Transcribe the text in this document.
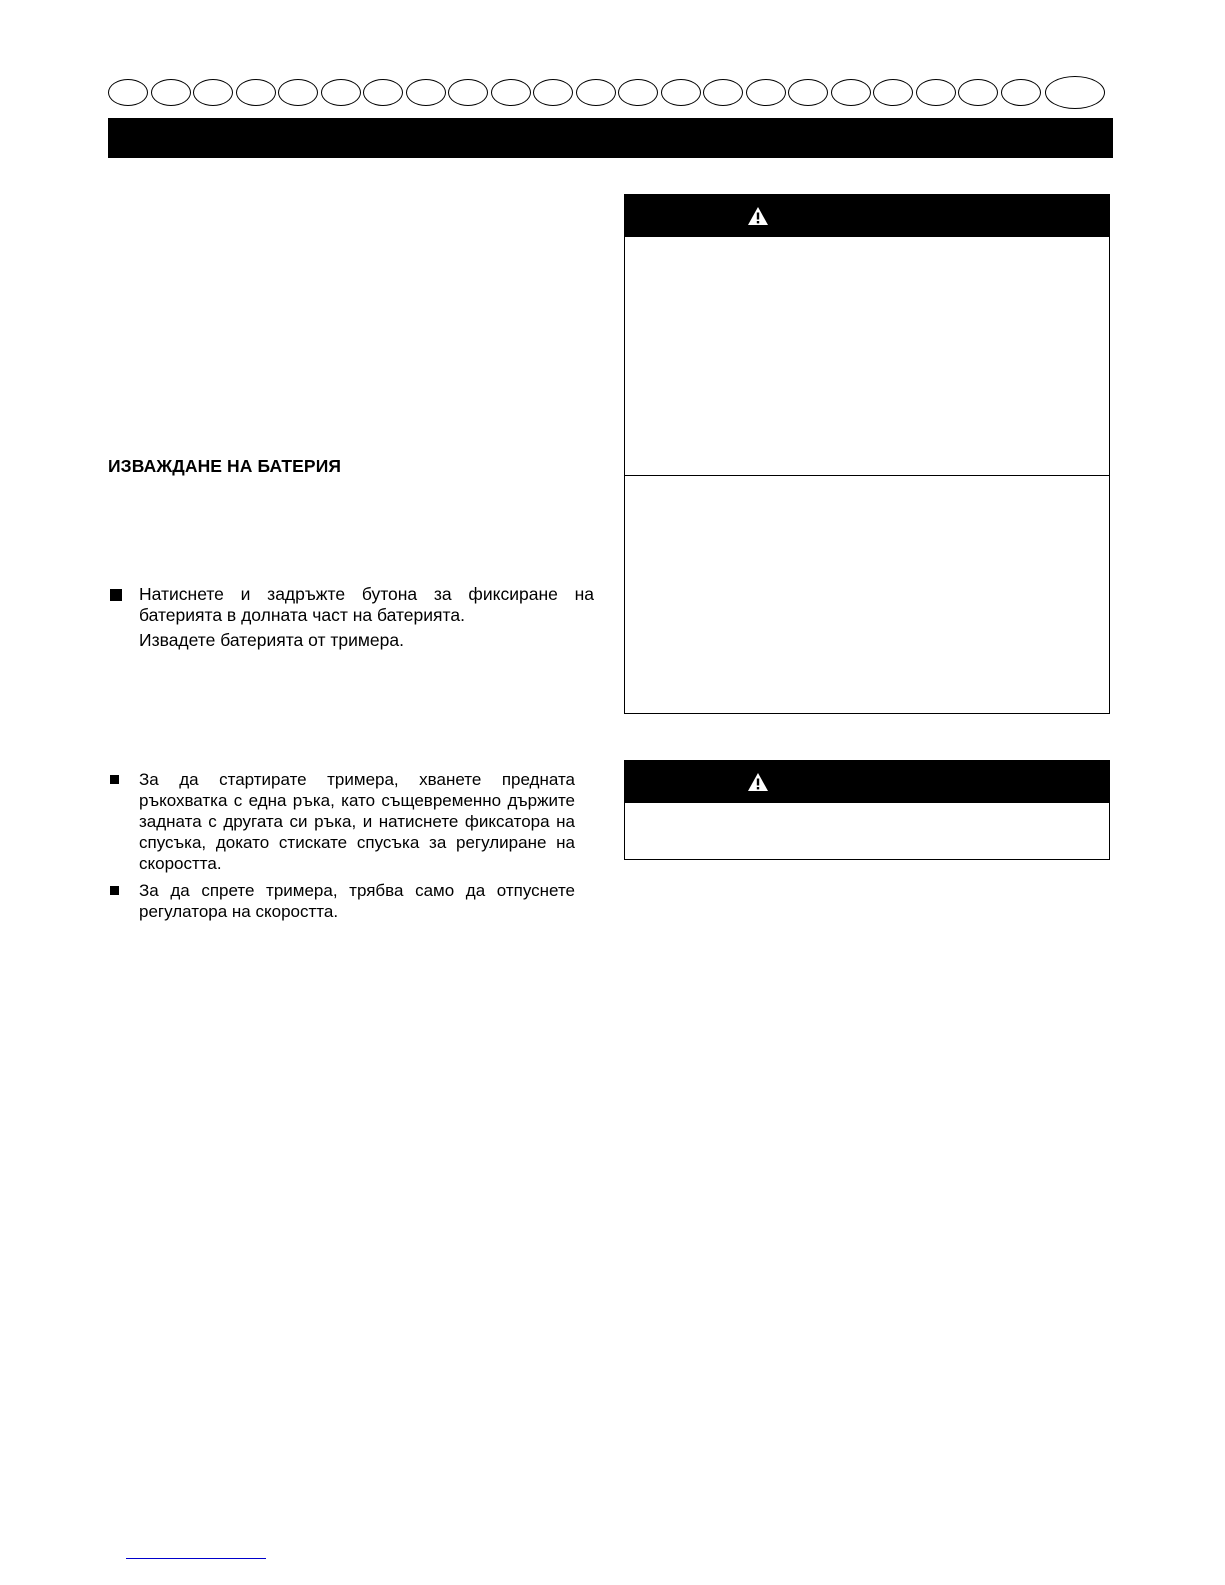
ИЗВАЖДАНЕ НА БАТЕРИЯ
Натиснете и задръжте бутона за фиксиране на батерията в долната част на батерията.
Извадете батерията от тримера.
За да стартирате тримера, хванете предната ръкохватка с една ръка, като същевременно държите задната с другата си ръка, и натиснете фиксатора на спусъка, докато стискате спусъка за регулиране на скоростта.
За да спрете тримера, трябва само да отпуснете регулатора на скоростта.
